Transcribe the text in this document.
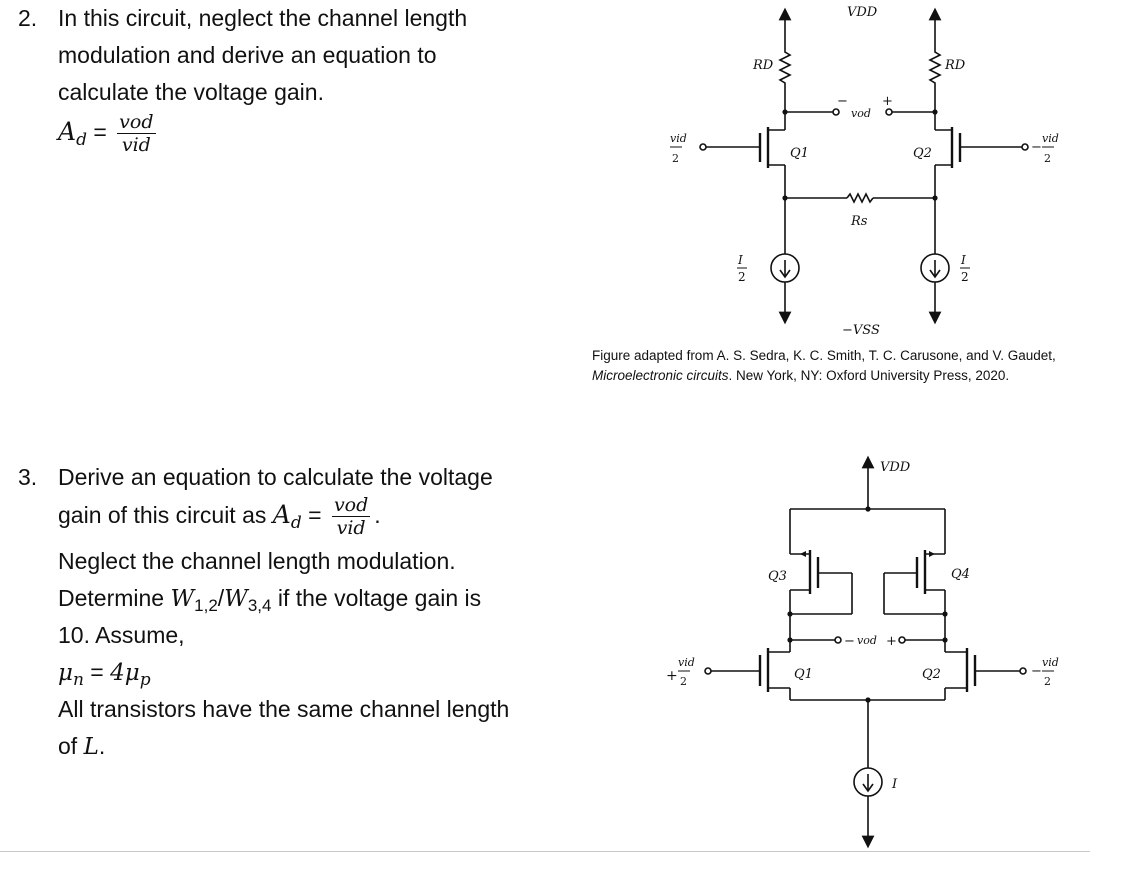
2. In this circuit, neglect the channel length
modulation and derive an equation to
calculate the voltage gain.
$A_d = \frac{\text{vod}}{\text{vid}}$
3. Derive an equation to calculate the voltage
gain of this circuit as $A_d = \frac{\text{vod}}{\text{vid}}$ .
Neglect the channel length modulation.
Determine $W_{1,2}/W_{3,4}$ if the voltage gain is
10. Assume,
$\mu_n = 4\mu_p$
All transistors have the same channel length
of L.
VDD
RD	RD
−
vod
+
Q1	Q2
vid
2
−
vid
2
Rs
I
2
I
2
−VSS
Figure adapted from A. S. Sedra, K. C. Smith, T. C. Carusone, and V. Gaudet,
Microelectronic circuits. New York, NY: Oxford University Press, 2020.
VDD
Q3	Q4
− vod +
Q1	Q2
+
vid
2
−
vid
2
I
